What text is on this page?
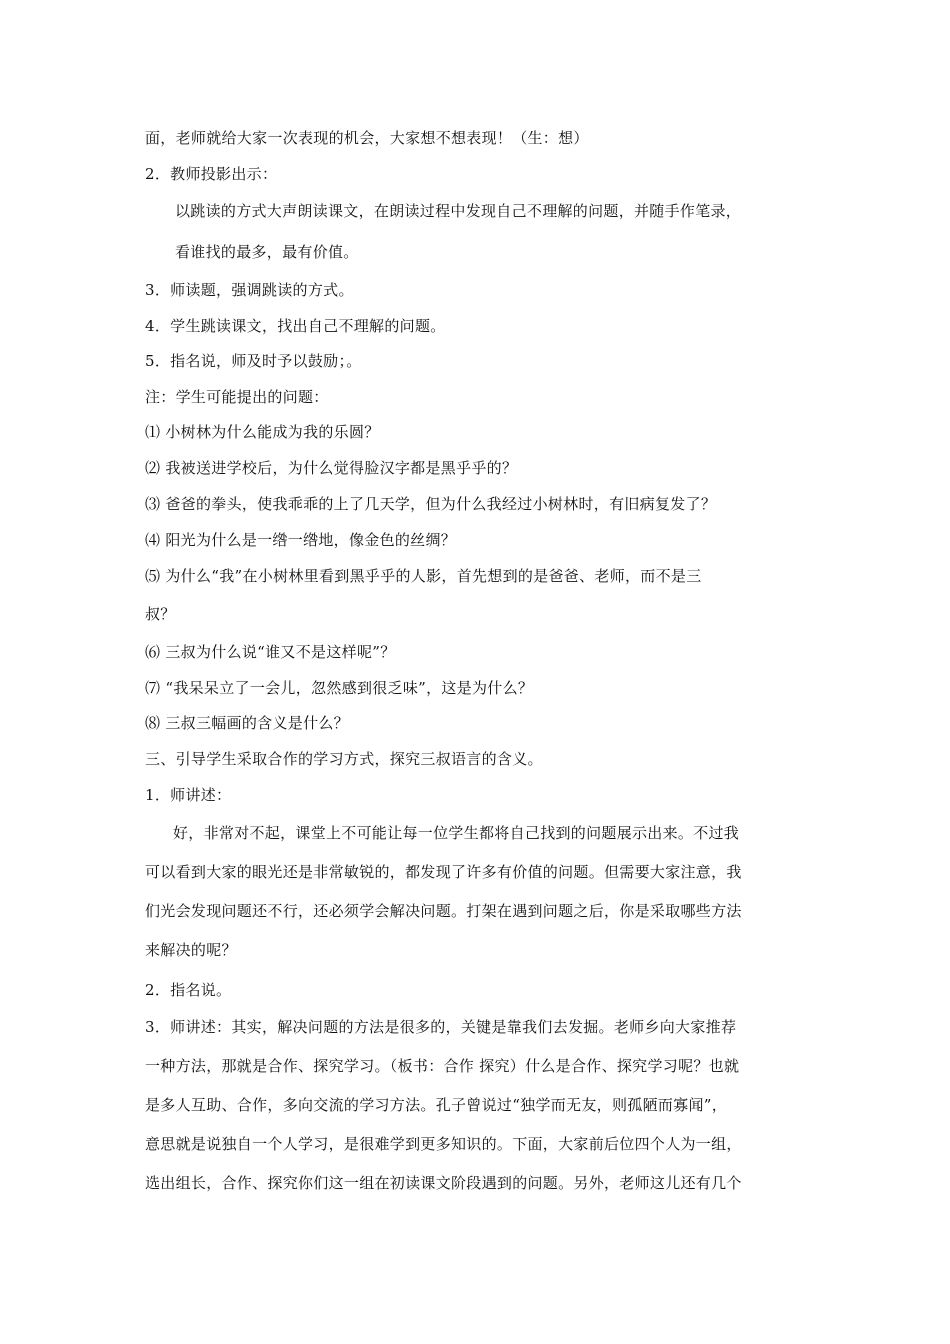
面，老师就给大家一次表现的机会，大家想不想表现！（生：想）
2．教师投影出示：
以跳读的方式大声朗读课文，在朗读过程中发现自己不理解的问题，并随手作笔录，
看谁找的最多，最有价值。
3．师读题，强调跳读的方式。
4．学生跳读课文，找出自己不理解的问题。
5．指名说，师及时予以鼓励；。
注：学生可能提出的问题：
⑴ 小树林为什么能成为我的乐圆？
⑵ 我被送进学校后，为什么觉得脸汉字都是黑乎乎的？
⑶ 爸爸的拳头，使我乖乖的上了几天学，但为什么我经过小树林时，有旧病复发了？
⑷ 阳光为什么是一绺一绺地，像金色的丝绸？
⑸ 为什么“我”在小树林里看到黑乎乎的人影，首先想到的是爸爸、老师，而不是三
叔？
⑹ 三叔为什么说“谁又不是这样呢”？
⑺ “我呆呆立了一会儿，忽然感到很乏味”，这是为什么？
⑻ 三叔三幅画的含义是什么？
三、引导学生采取合作的学习方式，探究三叔语言的含义。
1．师讲述：
好，非常对不起，课堂上不可能让每一位学生都将自己找到的问题展示出来。不过我
可以看到大家的眼光还是非常敏锐的，都发现了许多有价值的问题。但需要大家注意，我
们光会发现问题还不行，还必须学会解决问题。打架在遇到问题之后，你是采取哪些方法
来解决的呢？
2．指名说。
3．师讲述：其实，解决问题的方法是很多的，关键是靠我们去发掘。老师乡向大家推荐
一种方法，那就是合作、探究学习。（板书：合作 探究）什么是合作、探究学习呢？也就
是多人互助、合作，多向交流的学习方法。孔子曾说过“独学而无友，则孤陋而寡闻”，
意思就是说独自一个人学习，是很难学到更多知识的。下面，大家前后位四个人为一组，
选出组长，合作、探究你们这一组在初读课文阶段遇到的问题。另外，老师这儿还有几个
